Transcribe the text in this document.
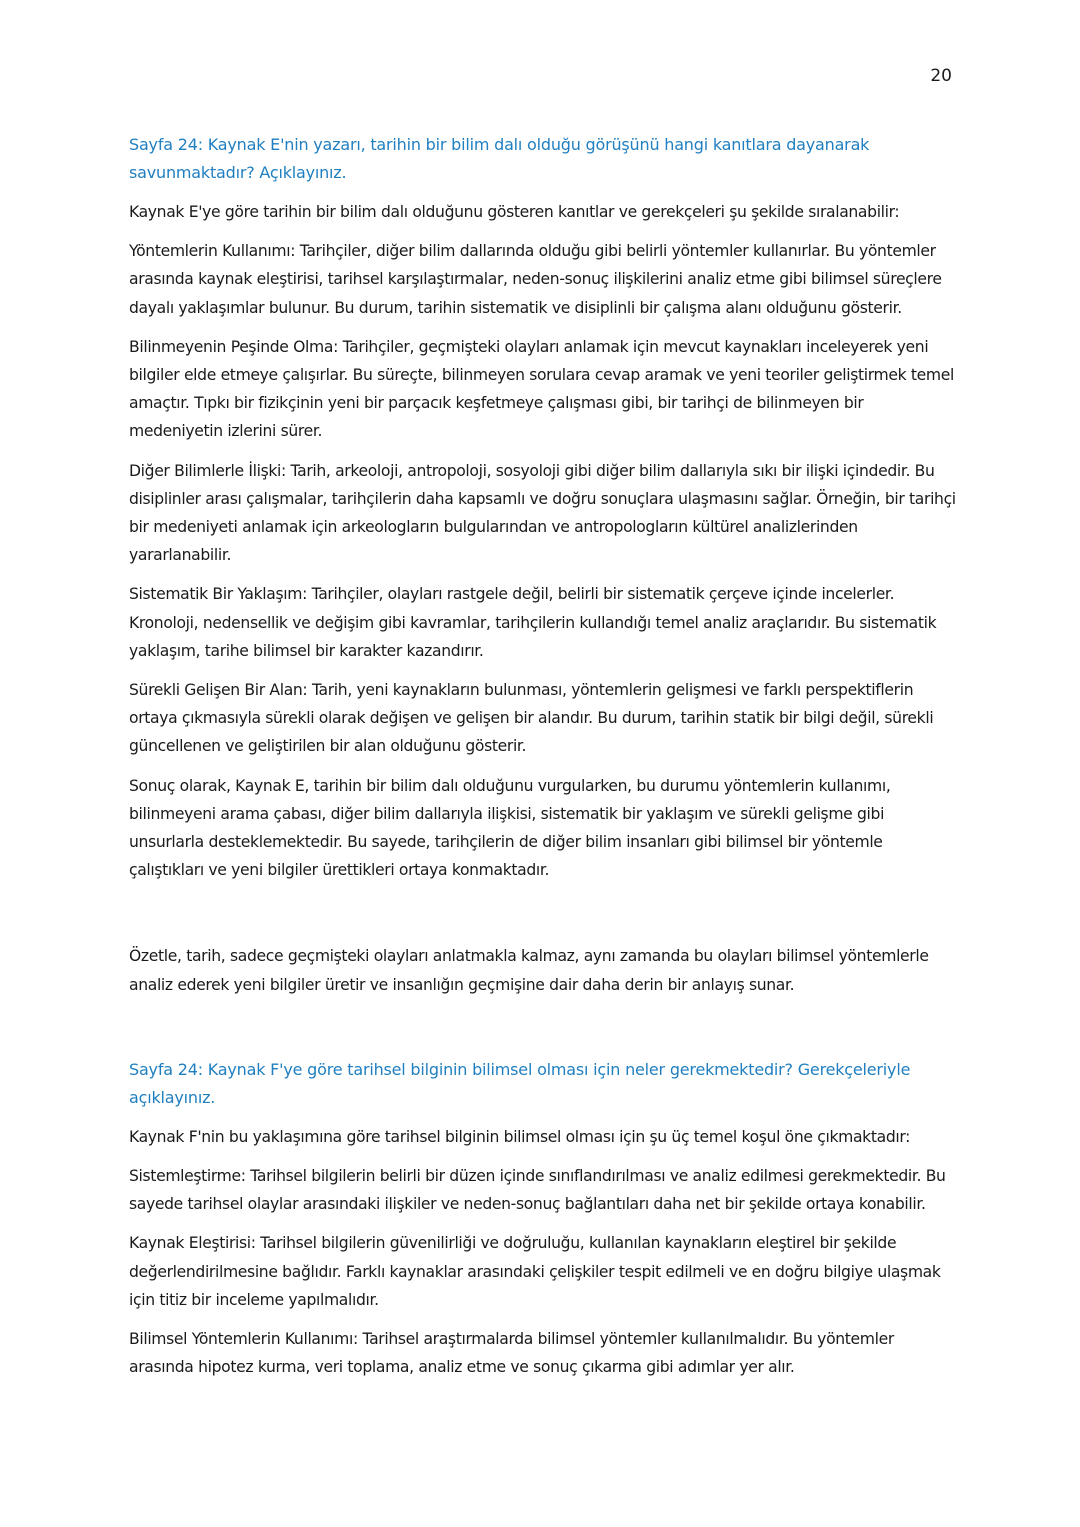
20

Sayfa 24: Kaynak E'nin yazarı, tarihin bir bilim dalı olduğu görüşünü hangi kanıtlara dayanarak savunmaktadır? Açıklayınız.

Kaynak E'ye göre tarihin bir bilim dalı olduğunu gösteren kanıtlar ve gerekçeleri şu şekilde sıralanabilir:

Yöntemlerin Kullanımı: Tarihçiler, diğer bilim dallarında olduğu gibi belirli yöntemler kullanırlar. Bu yöntemler arasında kaynak eleştirisi, tarihsel karşılaştırmalar, neden-sonuç ilişkilerini analiz etme gibi bilimsel süreçlere dayalı yaklaşımlar bulunur. Bu durum, tarihin sistematik ve disiplinli bir çalışma alanı olduğunu gösterir.

Bilinmeyenin Peşinde Olma: Tarihçiler, geçmişteki olayları anlamak için mevcut kaynakları inceleyerek yeni bilgiler elde etmeye çalışırlar. Bu süreçte, bilinmeyen sorulara cevap aramak ve yeni teoriler geliştirmek temel amaçtır. Tıpkı bir fizikçinin yeni bir parçacık keşfetmeye çalışması gibi, bir tarihçi de bilinmeyen bir medeniyetin izlerini sürer.

Diğer Bilimlerle İlişki: Tarih, arkeoloji, antropoloji, sosyoloji gibi diğer bilim dallarıyla sıkı bir ilişki içindedir. Bu disiplinler arası çalışmalar, tarihçilerin daha kapsamlı ve doğru sonuçlara ulaşmasını sağlar. Örneğin, bir tarihçi bir medeniyeti anlamak için arkeologların bulgularından ve antropologların kültürel analizlerinden yararlanabilir.

Sistematik Bir Yaklaşım: Tarihçiler, olayları rastgele değil, belirli bir sistematik çerçeve içinde incelerler. Kronoloji, nedensellik ve değişim gibi kavramlar, tarihçilerin kullandığı temel analiz araçlarıdır. Bu sistematik yaklaşım, tarihe bilimsel bir karakter kazandırır.

Sürekli Gelişen Bir Alan: Tarih, yeni kaynakların bulunması, yöntemlerin gelişmesi ve farklı perspektiflerin ortaya çıkmasıyla sürekli olarak değişen ve gelişen bir alandır. Bu durum, tarihin statik bir bilgi değil, sürekli güncellenen ve geliştirilen bir alan olduğunu gösterir.

Sonuç olarak, Kaynak E, tarihin bir bilim dalı olduğunu vurgularken, bu durumu yöntemlerin kullanımı, bilinmeyeni arama çabası, diğer bilim dallarıyla ilişkisi, sistematik bir yaklaşım ve sürekli gelişme gibi unsurlarla desteklemektedir. Bu sayede, tarihçilerin de diğer bilim insanları gibi bilimsel bir yöntemle çalıştıkları ve yeni bilgiler ürettikleri ortaya konmaktadır.

Özetle, tarih, sadece geçmişteki olayları anlatmakla kalmaz, aynı zamanda bu olayları bilimsel yöntemlerle analiz ederek yeni bilgiler üretir ve insanlığın geçmişine dair daha derin bir anlayış sunar.

Sayfa 24: Kaynak F'ye göre tarihsel bilginin bilimsel olması için neler gerekmektedir? Gerekçeleriyle açıklayınız.

Kaynak F'nin bu yaklaşımına göre tarihsel bilginin bilimsel olması için şu üç temel koşul öne çıkmaktadır:

Sistemleştirme: Tarihsel bilgilerin belirli bir düzen içinde sınıflandırılması ve analiz edilmesi gerekmektedir. Bu sayede tarihsel olaylar arasındaki ilişkiler ve neden-sonuç bağlantıları daha net bir şekilde ortaya konabilir.

Kaynak Eleştirisi: Tarihsel bilgilerin güvenilirliği ve doğruluğu, kullanılan kaynakların eleştirel bir şekilde değerlendirilmesine bağlıdır. Farklı kaynaklar arasındaki çelişkiler tespit edilmeli ve en doğru bilgiye ulaşmak için titiz bir inceleme yapılmalıdır.

Bilimsel Yöntemlerin Kullanımı: Tarihsel araştırmalarda bilimsel yöntemler kullanılmalıdır. Bu yöntemler arasında hipotez kurma, veri toplama, analiz etme ve sonuç çıkarma gibi adımlar yer alır.
